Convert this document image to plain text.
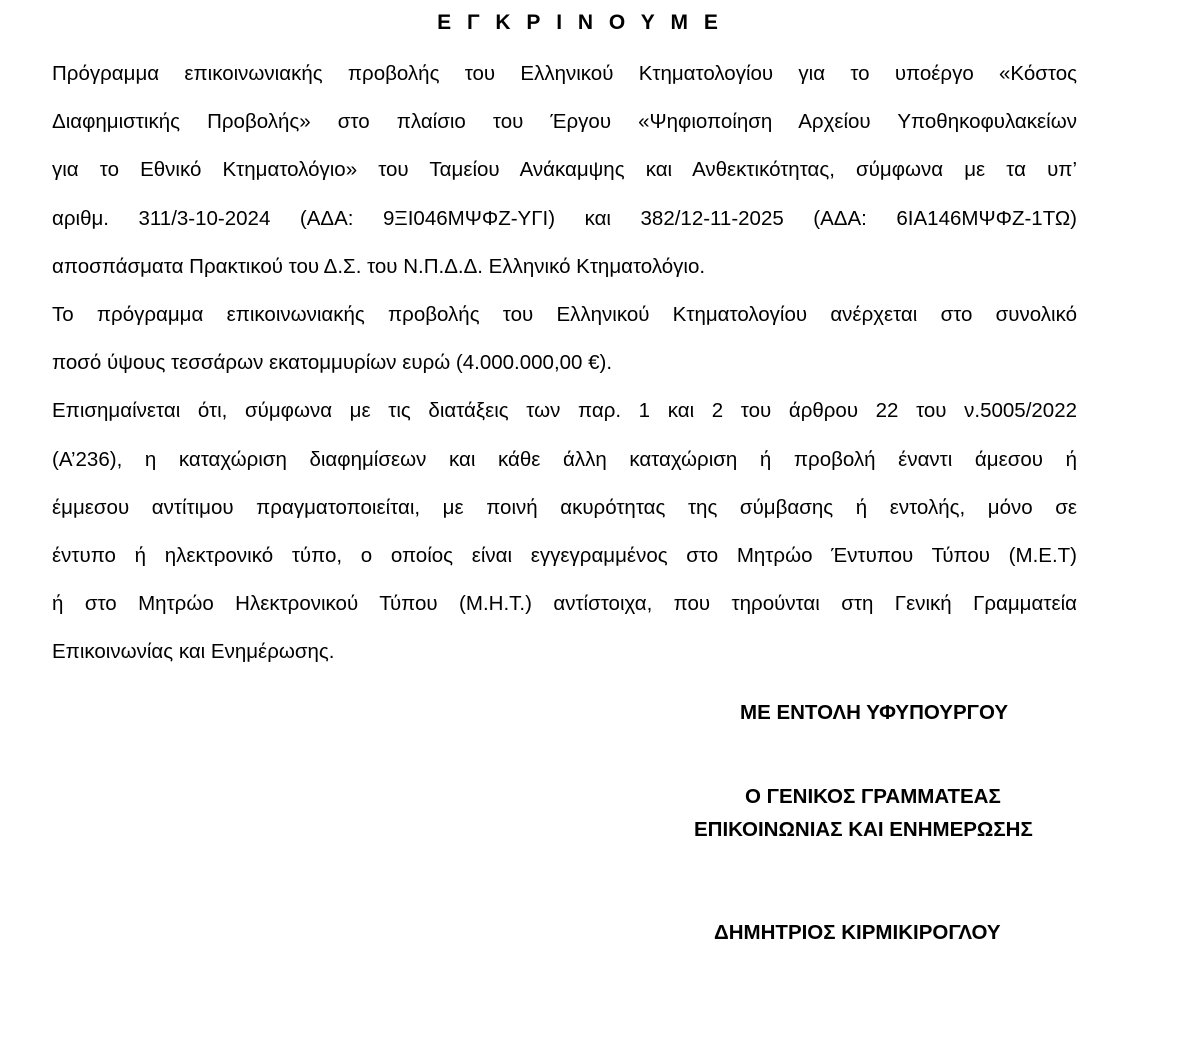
Ε Γ Κ Ρ Ι Ν Ο Υ Μ Ε
Πρόγραμμα επικοινωνιακής προβολής του Ελληνικού Κτηματολογίου για το υποέργο «Κόστος
Διαφημιστικής Προβολής» στο πλαίσιο του Έργου «Ψηφιοποίηση Αρχείου Υποθηκοφυλακείων
για το Εθνικό Κτηματολόγιο» του Ταμείου Ανάκαμψης και Ανθεκτικότητας, σύμφωνα με τα υπ’
αριθμ. 311/3-10-2024 (ΑΔΑ: 9ΞΙ046ΜΨΦΖ-ΥΓΙ) και 382/12-11-2025 (ΑΔΑ: 6ΙΑ146ΜΨΦΖ-1ΤΩ)
αποσπάσματα Πρακτικού του Δ.Σ. του Ν.Π.Δ.Δ. Ελληνικό Κτηματολόγιο.
Το πρόγραμμα επικοινωνιακής προβολής του Ελληνικού Κτηματολογίου ανέρχεται στο συνολικό
ποσό ύψους τεσσάρων εκατομμυρίων ευρώ (4.000.000,00 €).
Επισημαίνεται ότι, σύμφωνα με τις διατάξεις των παρ. 1 και 2 του άρθρου 22 του ν.5005/2022
(Α’236), η καταχώριση διαφημίσεων και κάθε άλλη καταχώριση ή προβολή έναντι άμεσου ή
έμμεσου αντίτιμου πραγματοποιείται, με ποινή ακυρότητας της σύμβασης ή εντολής, μόνο σε
έντυπο ή ηλεκτρονικό τύπο, ο οποίος είναι εγγεγραμμένος στο Μητρώο Έντυπου Τύπου (Μ.Ε.Τ)
ή στο Μητρώο Ηλεκτρονικού Τύπου (Μ.Η.Τ.) αντίστοιχα, που τηρούνται στη Γενική Γραμματεία
Επικοινωνίας και Ενημέρωσης.
ΜΕ ΕΝΤΟΛΗ ΥΦΥΠΟΥΡΓΟΥ
Ο ΓΕΝΙΚΟΣ ΓΡΑΜΜΑΤΕΑΣ
ΕΠΙΚΟΙΝΩΝΙΑΣ ΚΑΙ ΕΝΗΜΕΡΩΣΗΣ
ΔΗΜΗΤΡΙΟΣ ΚΙΡΜΙΚΙΡΟΓΛΟΥ
